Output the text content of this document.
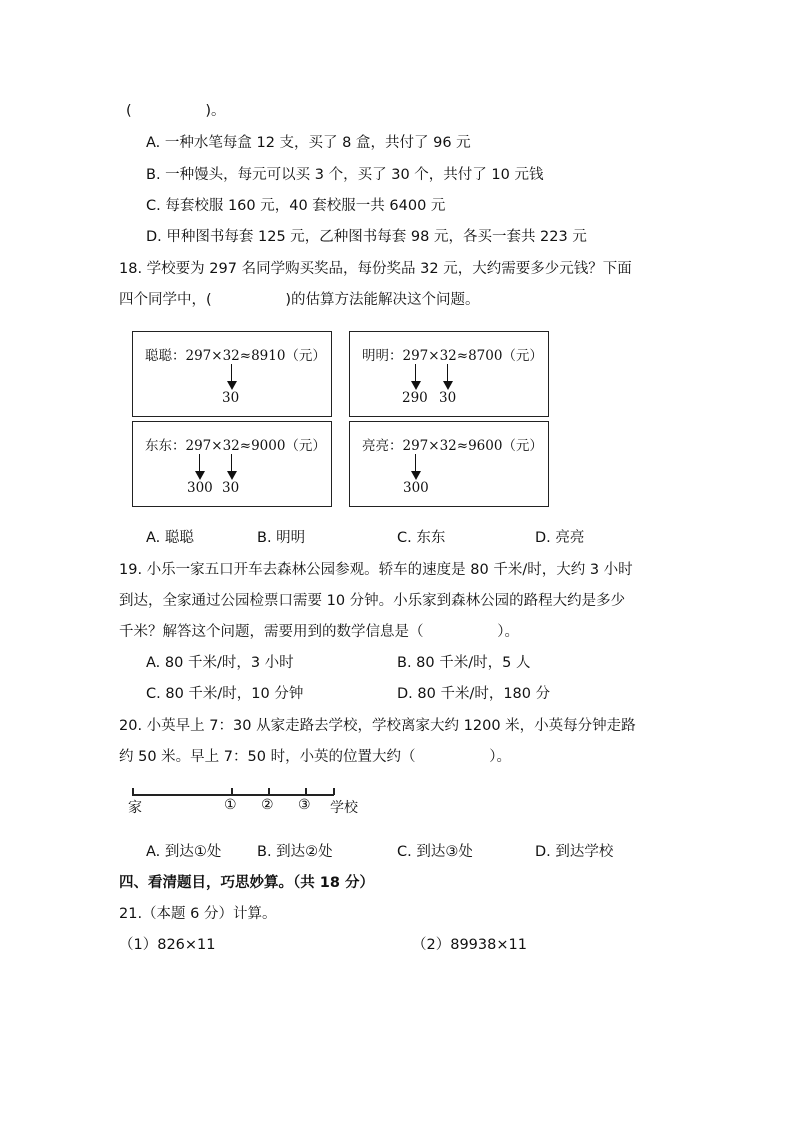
(                )。
A. 一种水笔每盒 12 支，买了 8 盒，共付了 96 元
B. 一种馒头，每元可以买 3 个，买了 30 个，共付了 10 元钱
C. 每套校服 160 元，40 套校服一共 6400 元
D. 甲种图书每套 125 元，乙种图书每套 98 元，各买一套共 223 元
18. 学校要为 297 名同学购买奖品，每份奖品 32 元，大约需要多少元钱？下面
四个同学中，(                )的估算方法能解决这个问题。
聪聪：297×32≈8910（元）
30
明明：297×32≈8700（元）
290 30
东东：297×32≈9000（元）
300 30
亮亮：297×32≈9600（元）
300
A. 聪聪	B. 明明	C. 东东	D. 亮亮
19. 小乐一家五口开车去森林公园参观。轿车的速度是 80 千米/时，大约 3 小时
到达，全家通过公园检票口需要 10 分钟。小乐家到森林公园的路程大约是多少
千米？解答这个问题，需要用到的数学信息是（                ）。
A. 80 千米/时，3 小时	B. 80 千米/时，5 人
C. 80 千米/时，10 分钟	D. 80 千米/时，180 分
20. 小英早上 7：30 从家走路去学校，学校离家大约 1200 米，小英每分钟走路
约 50 米。早上 7：50 时，小英的位置大约（                ）。
家	① ② ③ 学校
A. 到达①处 B. 到达②处	C. 到达③处	D. 到达学校
四、看清题目，巧思妙算。（共 18 分）
21.（本题 6 分）计算。
（1）826×11	（2）89938×11
